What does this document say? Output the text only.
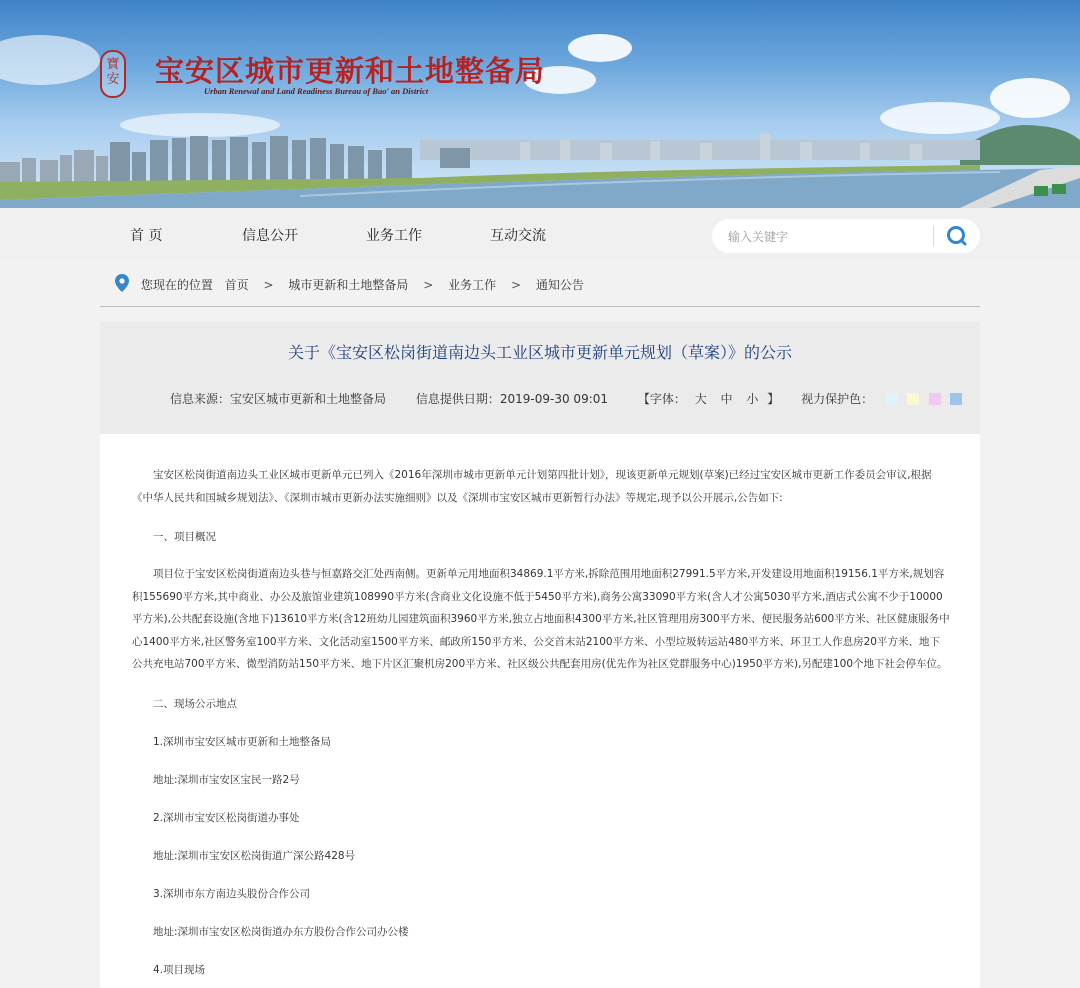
寶安 宝安区城市更新和土地整备局
Urban Renewal and Land Readiness Bureau of Bao' an District
首 页	信息公开	业务工作	互动交流
输入关键字
您现在的位置 首页 > 城市更新和土地整备局 > 业务工作 > 通知公告
关于《宝安区松岗街道南边头工业区城市更新单元规划（草案）》的公示
信息来源：宝安区城市更新和土地整备局 信息提供日期：2019-09-30 09:01 【字体： 大 中 小 】 视力保护色：

宝安区松岗街道南边头工业区城市更新单元已列入《2016年深圳市城市更新单元计划第四批计划》，现该更新单元规划(草案)已经过宝安区城市更新工作委员会审议,根据《中华人民共和国城乡规划法》、《深圳市城市更新办法实施细则》以及《深圳市宝安区城市更新暂行办法》等规定,现予以公开展示,公告如下:

一、项目概况

项目位于宝安区松岗街道南边头巷与恒嘉路交汇处西南侧。更新单元用地面积34869.1平方米,拆除范围用地面积27991.5平方米,开发建设用地面积19156.1平方米,规划容积155690平方米,其中商业、办公及旅馆业建筑108990平方米(含商业文化设施不低于5450平方米),商务公寓33090平方米(含人才公寓5030平方米,酒店式公寓不少于10000平方米),公共配套设施(含地下)13610平方米(含12班幼儿园建筑面积3960平方米,独立占地面积4300平方米,社区管理用房300平方米、便民服务站600平方米、社区健康服务中心1400平方米,社区警务室100平方米、文化活动室1500平方米、邮政所150平方米、公交首末站2100平方米、小型垃圾转运站480平方米、环卫工人作息房20平方米、地下公共充电站700平方米、微型消防站150平方米、地下片区汇聚机房200平方米、社区级公共配套用房(优先作为社区党群服务中心)1950平方米),另配建100个地下社会停车位。

二、现场公示地点
1.深圳市宝安区城市更新和土地整备局
地址:深圳市宝安区宝民一路2号
2.深圳市宝安区松岗街道办事处
地址:深圳市宝安区松岗街道广深公路428号
3.深圳市东方南边头股份合作公司
地址:深圳市宝安区松岗街道办东方股份合作公司办公楼
4.项目现场
